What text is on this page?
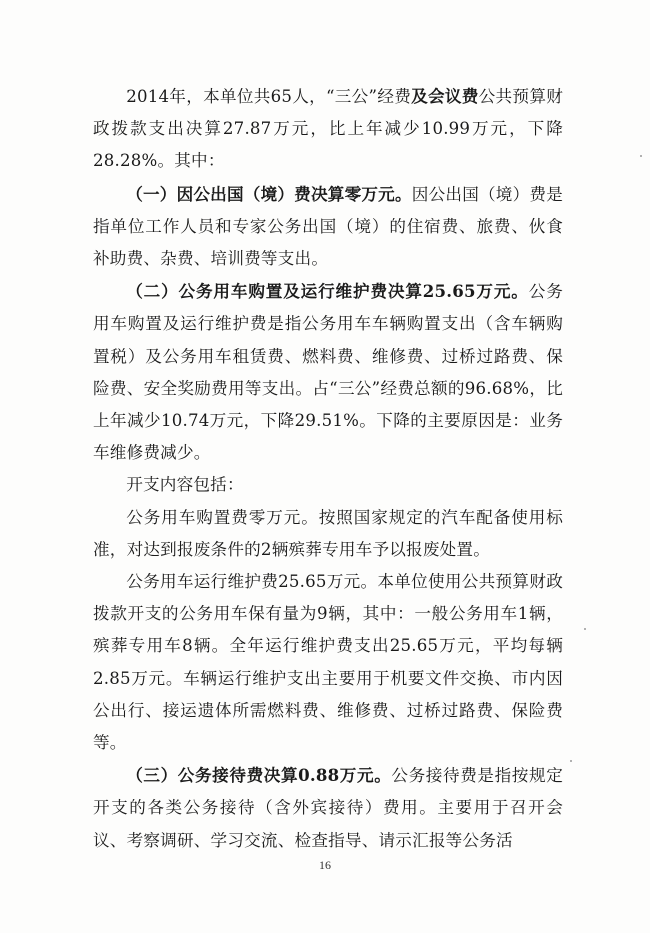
2014年，本单位共65人，“三公”经费及会议费公共预算财政拨款支出决算27.87万元，比上年减少10.99万元，下降28.28%。其中：

（一）因公出国（境）费决算零万元。因公出国（境）费是指单位工作人员和专家公务出国（境）的住宿费、旅费、伙食补助费、杂费、培训费等支出。

（二）公务用车购置及运行维护费决算25.65万元。公务用车购置及运行维护费是指公务用车车辆购置支出（含车辆购置税）及公务用车租赁费、燃料费、维修费、过桥过路费、保险费、安全奖励费用等支出。占“三公”经费总额的96.68%，比上年减少10.74万元，下降29.51%。下降的主要原因是：业务车维修费减少。

开支内容包括：

公务用车购置费零万元。按照国家规定的汽车配备使用标准，对达到报废条件的2辆殡葬专用车予以报废处置。

公务用车运行维护费25.65万元。本单位使用公共预算财政拨款开支的公务用车保有量为9辆，其中：一般公务用车1辆，殡葬专用车8辆。全年运行维护费支出25.65万元，平均每辆2.85万元。车辆运行维护支出主要用于机要文件交换、市内因公出行、接运遗体所需燃料费、维修费、过桥过路费、保险费等。

（三）公务接待费决算0.88万元。公务接待费是指按规定开支的各类公务接待（含外宾接待）费用。主要用于召开会议、考察调研、学习交流、检查指导、请示汇报等公务活

16
